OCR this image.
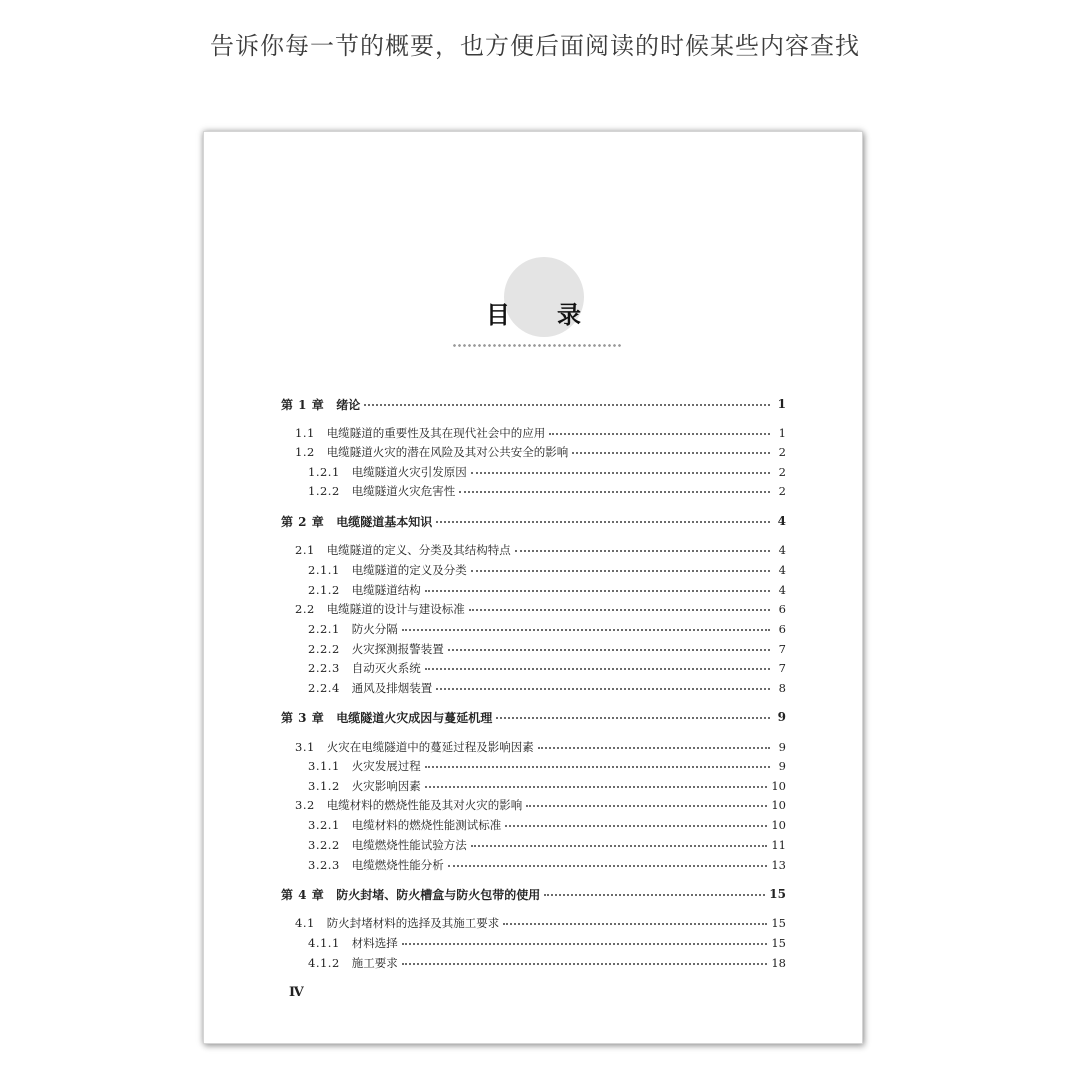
告诉你每一节的概要，也方便后面阅读的时候某些内容查找
目 录
第 1 章 绪论	1
1.1 电缆隧道的重要性及其在现代社会中的应用	1
1.2 电缆隧道火灾的潜在风险及其对公共安全的影响	2
1.2.1 电缆隧道火灾引发原因	2
1.2.2 电缆隧道火灾危害性	2
第 2 章 电缆隧道基本知识	4
2.1 电缆隧道的定义、分类及其结构特点	4
2.1.1 电缆隧道的定义及分类	4
2.1.2 电缆隧道结构	4
2.2 电缆隧道的设计与建设标准	6
2.2.1 防火分隔	6
2.2.2 火灾探测报警装置	7
2.2.3 自动灭火系统	7
2.2.4 通风及排烟装置	8
第 3 章 电缆隧道火灾成因与蔓延机理	9
3.1 火灾在电缆隧道中的蔓延过程及影响因素	9
3.1.1 火灾发展过程	9
3.1.2 火灾影响因素	10
3.2 电缆材料的燃烧性能及其对火灾的影响	10
3.2.1 电缆材料的燃烧性能测试标准	10
3.2.2 电缆燃烧性能试验方法	11
3.2.3 电缆燃烧性能分析	13
第 4 章 防火封堵、防火槽盒与防火包带的使用	15
4.1 防火封堵材料的选择及其施工要求	15
4.1.1 材料选择	15
4.1.2 施工要求	18
Ⅳ
